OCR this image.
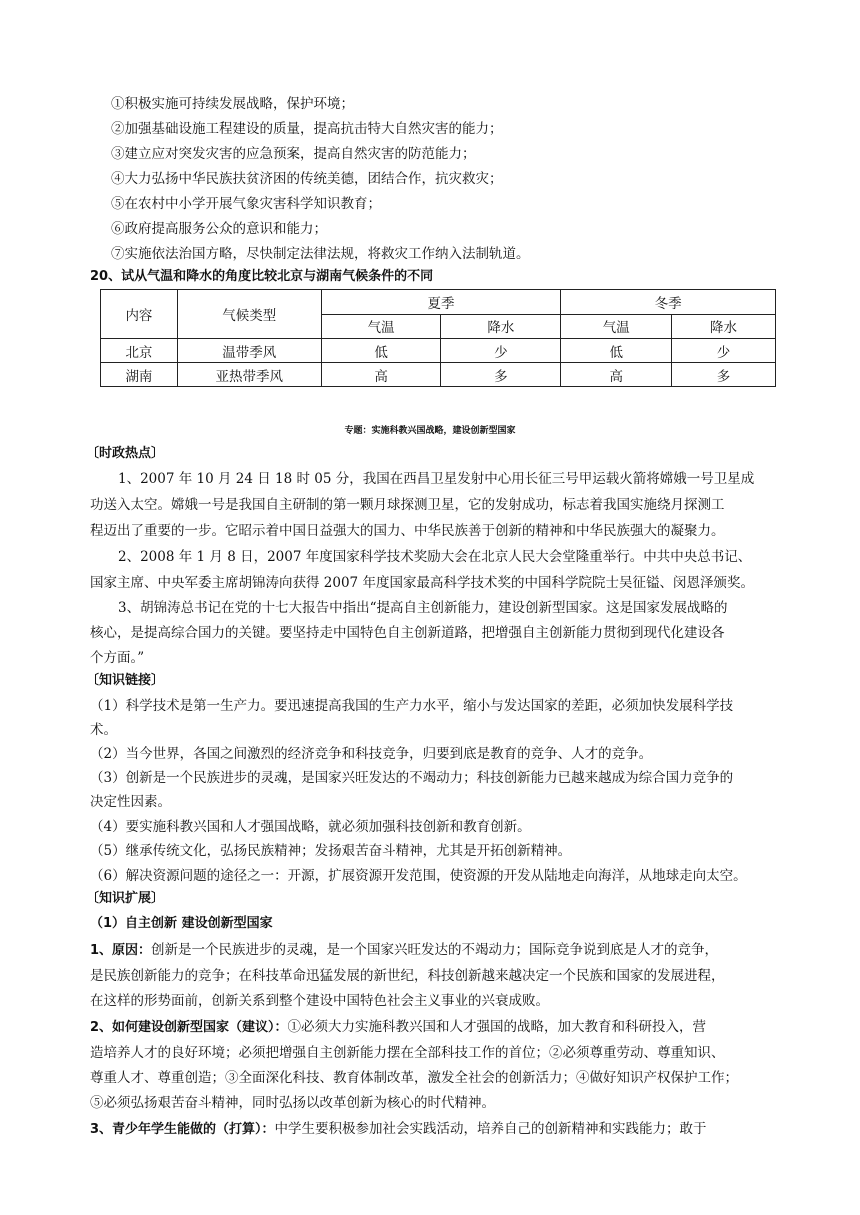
①积极实施可持续发展战略，保护环境；
②加强基础设施工程建设的质量，提高抗击特大自然灾害的能力；
③建立应对突发灾害的应急预案，提高自然灾害的防范能力；
④大力弘扬中华民族扶贫济困的传统美德，团结合作，抗灾救灾；
⑤在农村中小学开展气象灾害科学知识教育；
⑥政府提高服务公众的意识和能力；
⑦实施依法治国方略，尽快制定法律法规，将救灾工作纳入法制轨道。
20、试从气温和降水的角度比较北京与湖南气候条件的不同
内容	气候类型	夏季		冬季	
		气温	降水	气温	降水
北京	温带季风	低	少	低	少
湖南	亚热带季风	高	多	高	多
专题：实施科教兴国战略，建设创新型国家
〔时政热点〕
1、2007 年 10 月 24 日 18 时 05 分，我国在西昌卫星发射中心用长征三号甲运载火箭将嫦娥一号卫星成
功送入太空。嫦娥一号是我国自主研制的第一颗月球探测卫星，它的发射成功，标志着我国实施绕月探测工
程迈出了重要的一步。它昭示着中国日益强大的国力、中华民族善于创新的精神和中华民族强大的凝聚力。
2、2008 年 1 月 8 日，2007 年度国家科学技术奖励大会在北京人民大会堂隆重举行。中共中央总书记、
国家主席、中央军委主席胡锦涛向获得 2007 年度国家最高科学技术奖的中国科学院院士吴征镒、闵恩泽颁奖。
3、胡锦涛总书记在党的十七大报告中指出“提高自主创新能力，建设创新型国家。这是国家发展战略的
核心，是提高综合国力的关键。要坚持走中国特色自主创新道路，把增强自主创新能力贯彻到现代化建设各
个方面。”
〔知识链接〕
（1）科学技术是第一生产力。要迅速提高我国的生产力水平，缩小与发达国家的差距，必须加快发展科学技
术。
（2）当今世界，各国之间激烈的经济竞争和科技竞争，归要到底是教育的竞争、人才的竞争。
（3）创新是一个民族进步的灵魂，是国家兴旺发达的不竭动力；科技创新能力已越来越成为综合国力竞争的
决定性因素。
（4）要实施科教兴国和人才强国战略，就必须加强科技创新和教育创新。
（5）继承传统文化，弘扬民族精神；发扬艰苦奋斗精神，尤其是开拓创新精神。
（6）解决资源问题的途径之一：开源，扩展资源开发范围，使资源的开发从陆地走向海洋，从地球走向太空。
〔知识扩展〕
（1）自主创新 建设创新型国家
1、原因：创新是一个民族进步的灵魂，是一个国家兴旺发达的不竭动力；国际竞争说到底是人才的竞争，
是民族创新能力的竞争；在科技革命迅猛发展的新世纪，科技创新越来越决定一个民族和国家的发展进程，
在这样的形势面前，创新关系到整个建设中国特色社会主义事业的兴衰成败。
2、如何建设创新型国家（建议）：①必须大力实施科教兴国和人才强国的战略，加大教育和科研投入，营
造培养人才的良好环境；必须把增强自主创新能力摆在全部科技工作的首位；②必须尊重劳动、尊重知识、
尊重人才、尊重创造；③全面深化科技、教育体制改革，激发全社会的创新活力；④做好知识产权保护工作；
⑤必须弘扬艰苦奋斗精神，同时弘扬以改革创新为核心的时代精神。
3、青少年学生能做的（打算）：中学生要积极参加社会实践活动，培养自己的创新精神和实践能力；敢于
